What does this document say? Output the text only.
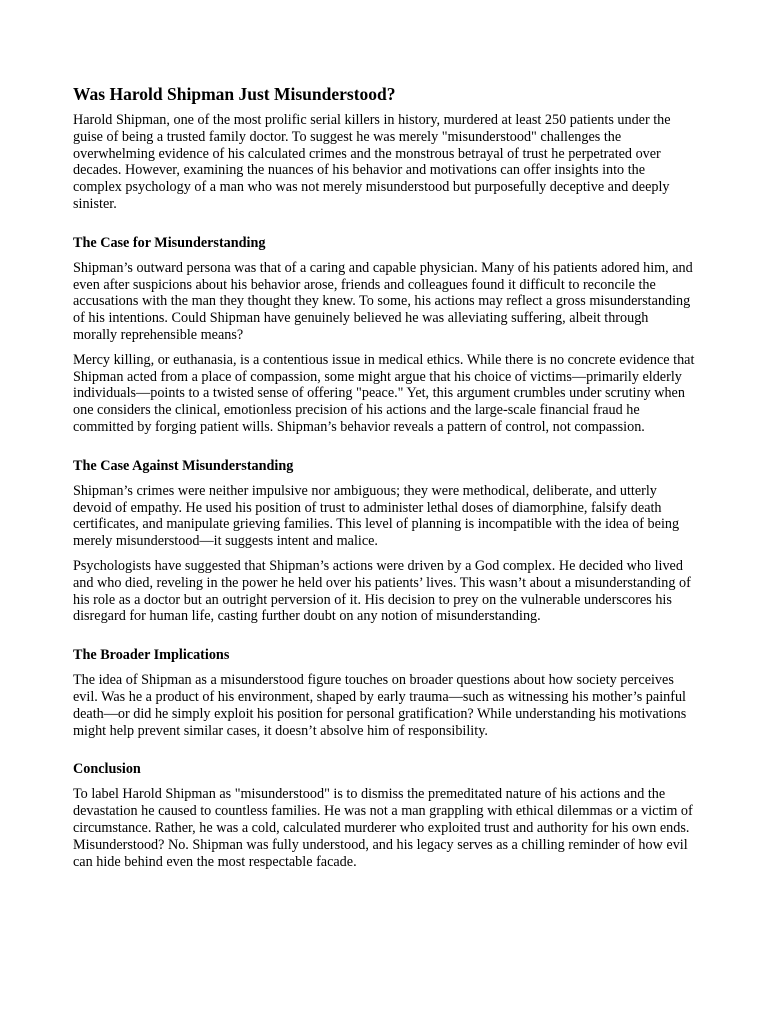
Was Harold Shipman Just Misunderstood?

Harold Shipman, one of the most prolific serial killers in history, murdered at least 250 patients under the guise of being a trusted family doctor. To suggest he was merely "misunderstood" challenges the overwhelming evidence of his calculated crimes and the monstrous betrayal of trust he perpetrated over decades. However, examining the nuances of his behavior and motivations can offer insights into the complex psychology of a man who was not merely misunderstood but purposefully deceptive and deeply sinister.

The Case for Misunderstanding

Shipman’s outward persona was that of a caring and capable physician. Many of his patients adored him, and even after suspicions about his behavior arose, friends and colleagues found it difficult to reconcile the accusations with the man they thought they knew. To some, his actions may reflect a gross misunderstanding of his intentions. Could Shipman have genuinely believed he was alleviating suffering, albeit through morally reprehensible means?

Mercy killing, or euthanasia, is a contentious issue in medical ethics. While there is no concrete evidence that Shipman acted from a place of compassion, some might argue that his choice of victims—primarily elderly individuals—points to a twisted sense of offering "peace." Yet, this argument crumbles under scrutiny when one considers the clinical, emotionless precision of his actions and the large-scale financial fraud he committed by forging patient wills. Shipman’s behavior reveals a pattern of control, not compassion.

The Case Against Misunderstanding

Shipman’s crimes were neither impulsive nor ambiguous; they were methodical, deliberate, and utterly devoid of empathy. He used his position of trust to administer lethal doses of diamorphine, falsify death certificates, and manipulate grieving families. This level of planning is incompatible with the idea of being merely misunderstood—it suggests intent and malice.

Psychologists have suggested that Shipman’s actions were driven by a God complex. He decided who lived and who died, reveling in the power he held over his patients’ lives. This wasn’t about a misunderstanding of his role as a doctor but an outright perversion of it. His decision to prey on the vulnerable underscores his disregard for human life, casting further doubt on any notion of misunderstanding.

The Broader Implications

The idea of Shipman as a misunderstood figure touches on broader questions about how society perceives evil. Was he a product of his environment, shaped by early trauma—such as witnessing his mother’s painful death—or did he simply exploit his position for personal gratification? While understanding his motivations might help prevent similar cases, it doesn’t absolve him of responsibility.

Conclusion

To label Harold Shipman as "misunderstood" is to dismiss the premeditated nature of his actions and the devastation he caused to countless families. He was not a man grappling with ethical dilemmas or a victim of circumstance. Rather, he was a cold, calculated murderer who exploited trust and authority for his own ends. Misunderstood? No. Shipman was fully understood, and his legacy serves as a chilling reminder of how evil can hide behind even the most respectable facade.
